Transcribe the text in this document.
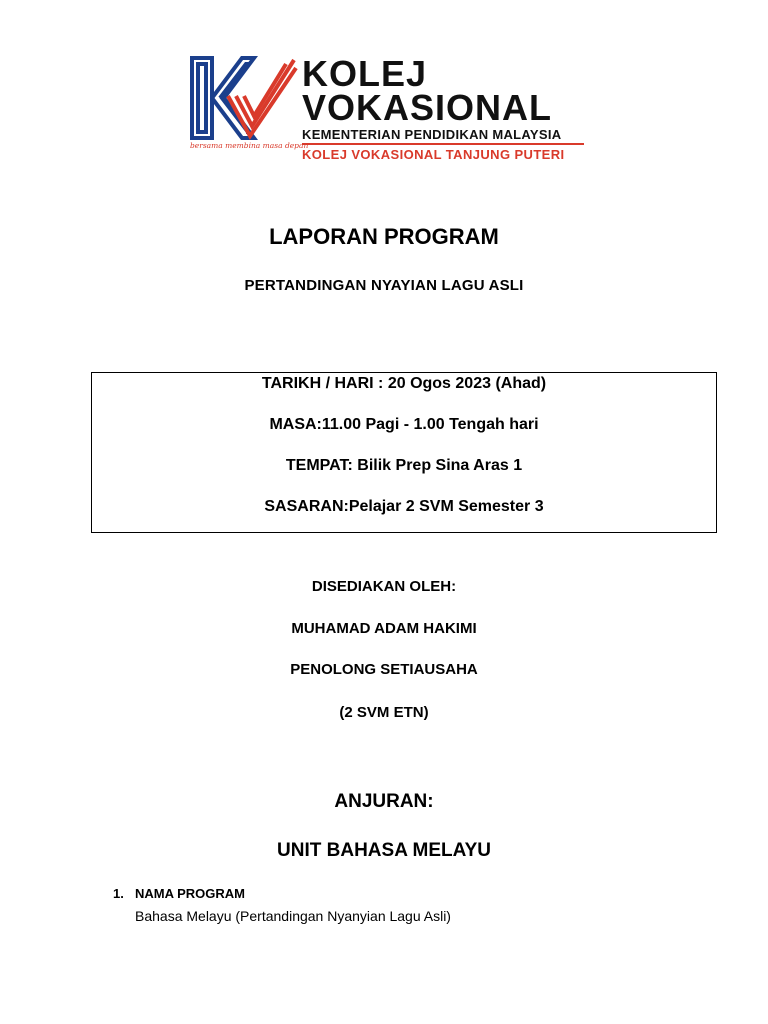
KOLEJ
VOKASIONAL
KEMENTERIAN PENDIDIKAN MALAYSIA
KOLEJ VOKASIONAL TANJUNG PUTERI
bersama membina masa depan
LAPORAN PROGRAM
PERTANDINGAN NYAYIAN LAGU ASLI
TARIKH / HARI : 20 Ogos 2023 (Ahad)
MASA:11.00 Pagi - 1.00 Tengah hari
TEMPAT: Bilik Prep Sina Aras 1
SASARAN:Pelajar 2 SVM Semester 3
DISEDIAKAN OLEH:
MUHAMAD ADAM HAKIMI
PENOLONG SETIAUSAHA
(2 SVM ETN)
ANJURAN:
UNIT BAHASA MELAYU
1. NAMA PROGRAM
Bahasa Melayu (Pertandingan Nyanyian Lagu Asli)
